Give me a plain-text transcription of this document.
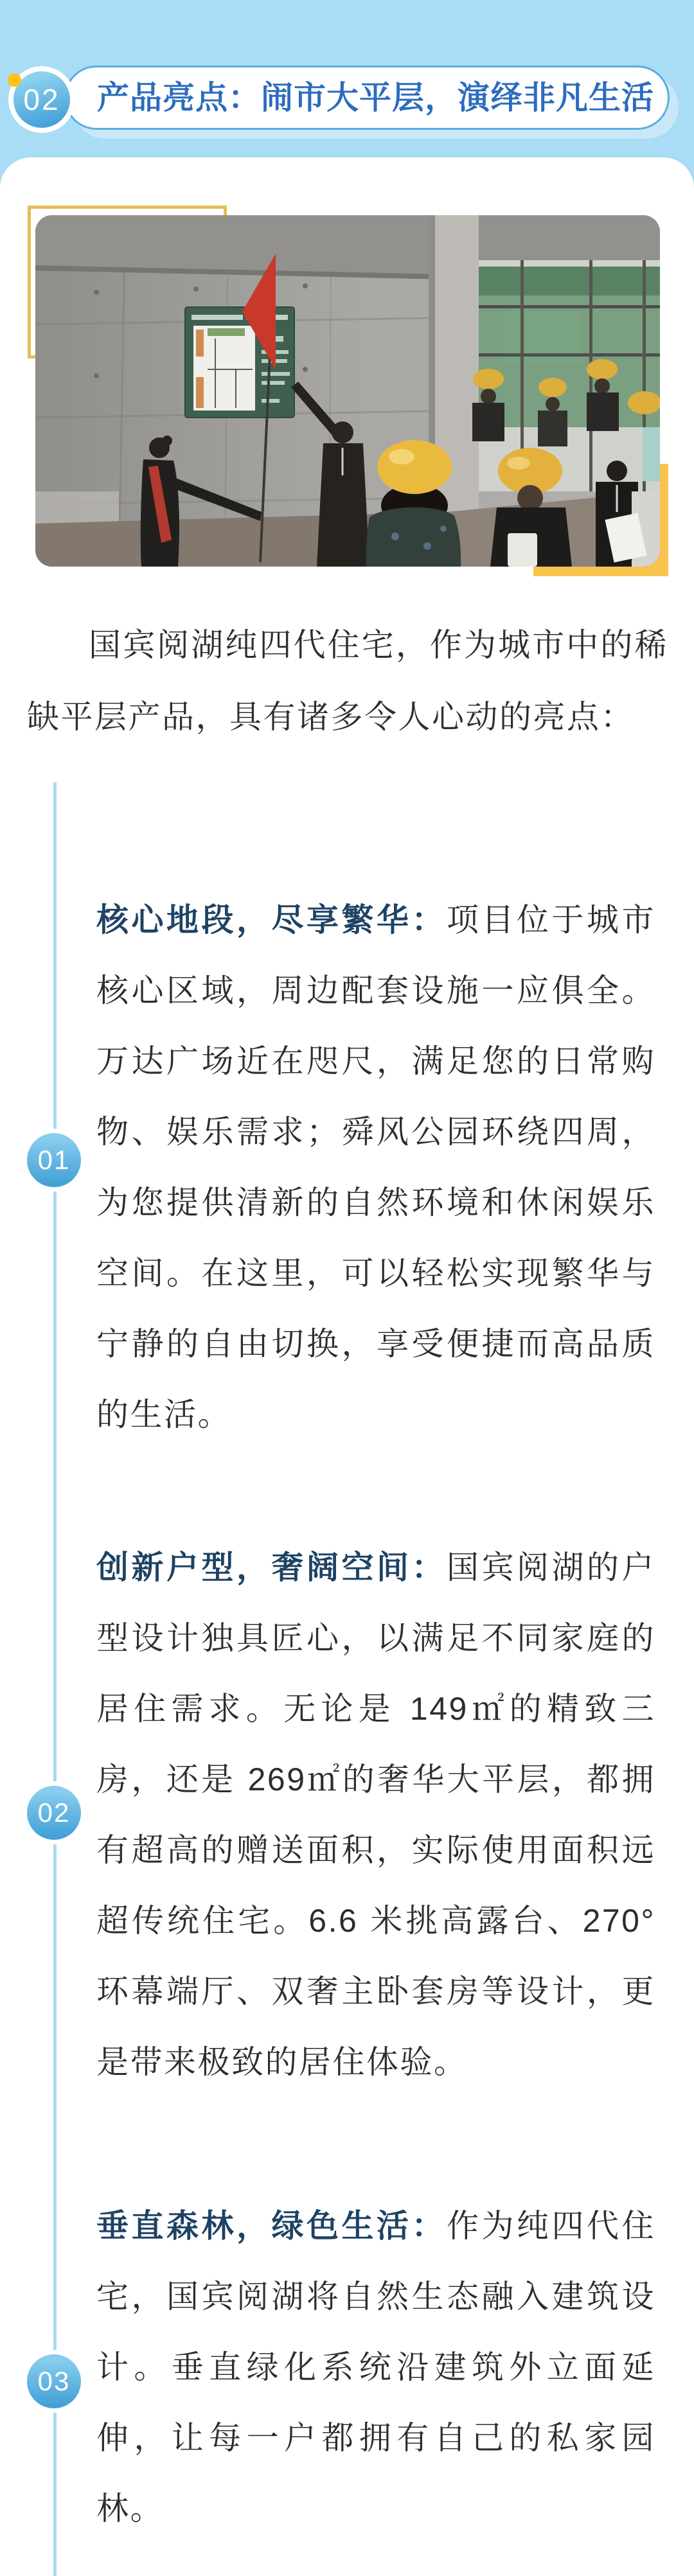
产品亮点：闹市大平层，演绎非凡生活
02

国宾阅湖纯四代住宅，作为城市中的稀缺平层产品，具有诸多令人心动的亮点：

核心地段，尽享繁华：项目位于城市核心区域，周边配套设施一应俱全。万达广场近在咫尺，满足您的日常购物、娱乐需求；舜风公园环绕四周，为您提供清新的自然环境和休闲娱乐空间。在这里，可以轻松实现繁华与宁静的自由切换，享受便捷而高品质的生活。

创新户型，奢阔空间：国宾阅湖的户型设计独具匠心，以满足不同家庭的居住需求。无论是 149㎡的精致三房，还是 269㎡的奢华大平层，都拥有超高的赠送面积，实际使用面积远超传统住宅。6.6 米挑高露台、270°环幕端厅、双奢主卧套房等设计，更是带来极致的居住体验。

垂直森林，绿色生活：作为纯四代住宅，国宾阅湖将自然生态融入建筑设计。垂直绿化系统沿建筑外立面延伸，让每一户都拥有自己的私家园林。

01
02
03
